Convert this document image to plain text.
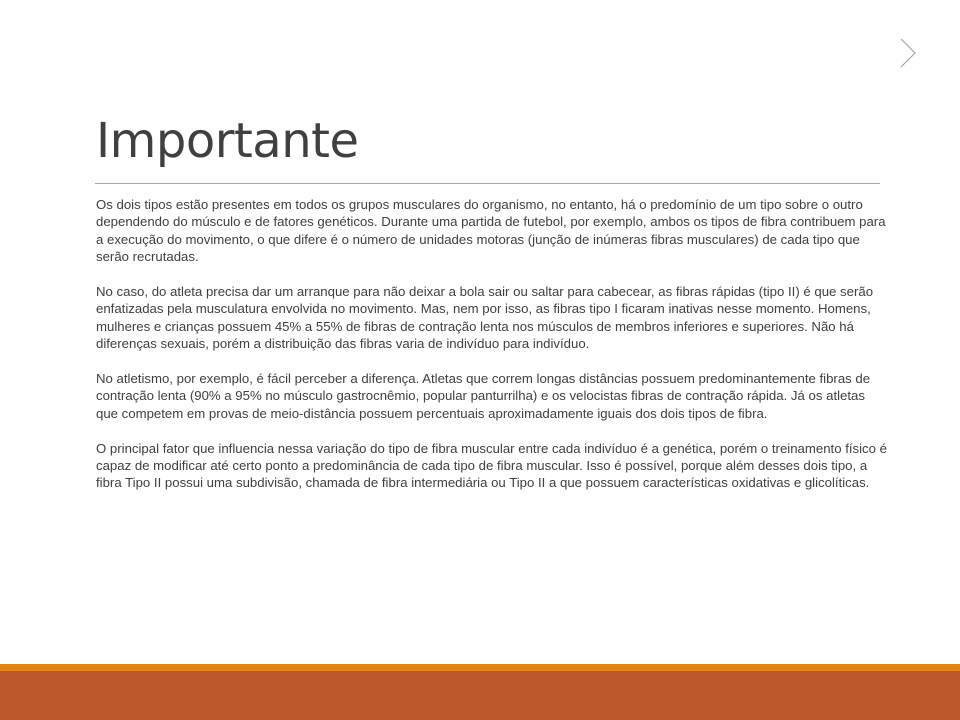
Importante

Os dois tipos estão presentes em todos os grupos musculares do organismo, no entanto, há o predomínio de um tipo sobre o outro dependendo do músculo e de fatores genéticos. Durante uma partida de futebol, por exemplo, ambos os tipos de fibra contribuem para a execução do movimento, o que difere é o número de unidades motoras (junção de inúmeras fibras musculares) de cada tipo que serão recrutadas.

No caso, do atleta precisa dar um arranque para não deixar a bola sair ou saltar para cabecear, as fibras rápidas (tipo II) é que serão enfatizadas pela musculatura envolvida no movimento. Mas, nem por isso, as fibras tipo I ficaram inativas nesse momento. Homens, mulheres e crianças possuem 45% a 55% de fibras de contração lenta nos músculos de membros inferiores e superiores. Não há diferenças sexuais, porém a distribuição das fibras varia de indivíduo para indivíduo.

No atletismo, por exemplo, é fácil perceber a diferença. Atletas que correm longas distâncias possuem predominantemente fibras de contração lenta (90% a 95% no músculo gastrocnêmio, popular panturrilha) e os velocistas fibras de contração rápida. Já os atletas que competem em provas de meio-distância possuem percentuais aproximadamente iguais dos dois tipos de fibra.

O principal fator que influencia nessa variação do tipo de fibra muscular entre cada indivíduo é a genética, porém o treinamento físico é capaz de modificar até certo ponto a predominância de cada tipo de fibra muscular. Isso é possível, porque além desses dois tipo, a fibra Tipo II possui uma subdivisão, chamada de fibra intermediária ou Tipo II a que possuem características oxidativas e glicolíticas.
